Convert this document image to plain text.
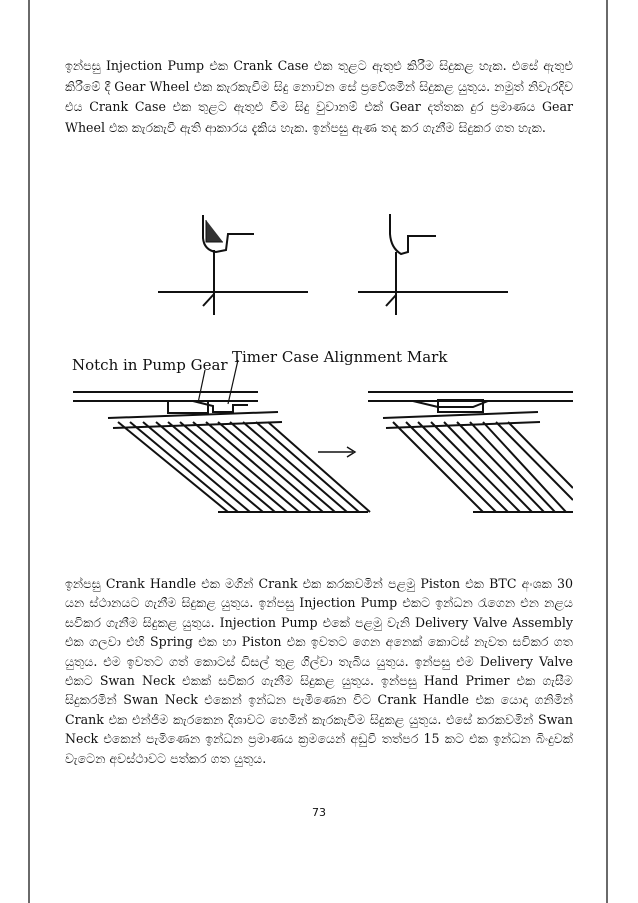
ඉන්පසු Injection Pump එක Crank Case එක තුළට ඇතුළු කිරීම සිදුකළ හැක. එසේ ඇතුළු කිරීමේ දී Gear Wheel එක කැරකැවීම සිදු නොවන සේ ප්‍රවේශමින් සිදුකළ යුතුය. නමුත් නිවැරදිව එය Crank Case එක තුළට ඇතුළු වීම සිදු වුවානම් එක් Gear දත්තක දුර ප්‍රමාණය Gear Wheel එක කැරකැවී ඇති ආකාරය දැකිය හැක. ඉන්පසු ඇණ තද කර ගැනීම සිදුකර ගත හැක.

Notch in Pump Gear Timer Case Alignment Mark

ඉන්පසු Crank Handle එක මගින් Crank එක කරකවමින් පළමු Piston එක BTC අංශක 30 යන ස්ථානයට ගැනීම සිදුකළ යුතුය. ඉන්පසු Injection Pump එකට ඉන්ධන රැගෙන එන නළය සවිකර ගැනීම සිදුකළ යුතුය. Injection Pump එකේ පළමු වැනි Delivery Valve Assembly එක ගලවා එහි Spring එක හා Piston එක ඉවතට ගෙන අනෙක් කොටස් නැවත සවිකර ගත යුතුය. එම ඉවතට ගත් කොටස් ඩිසල් තුළ ගිල්වා තැබිය යුතුය. ඉන්පසු එම Delivery Valve එකට Swan Neck එකක් සවිකර ගැනීම සිදුකළ යුතුය. ඉන්පසු Hand Primer එක ගැසීම සිදුකරමින් Swan Neck එකෙන් ඉන්ධන පැමිණෙන විට Crank Handle එක යොදා ගනිමින් Crank එක එන්ජිම කැරකෙන දිශාවට හෙමින් කැරකැවීම සිදුකළ යුතුය. එසේ කරකවමින් Swan Neck එකෙන් පැමිණෙන ඉන්ධන ප්‍රමාණය ක්‍රමයෙන් අඩුවී තත්පර 15 කට එක ඉන්ධන බිංදුවක් වැටෙන අවස්ථාවට පත්කර ගත යුතුය.

73
